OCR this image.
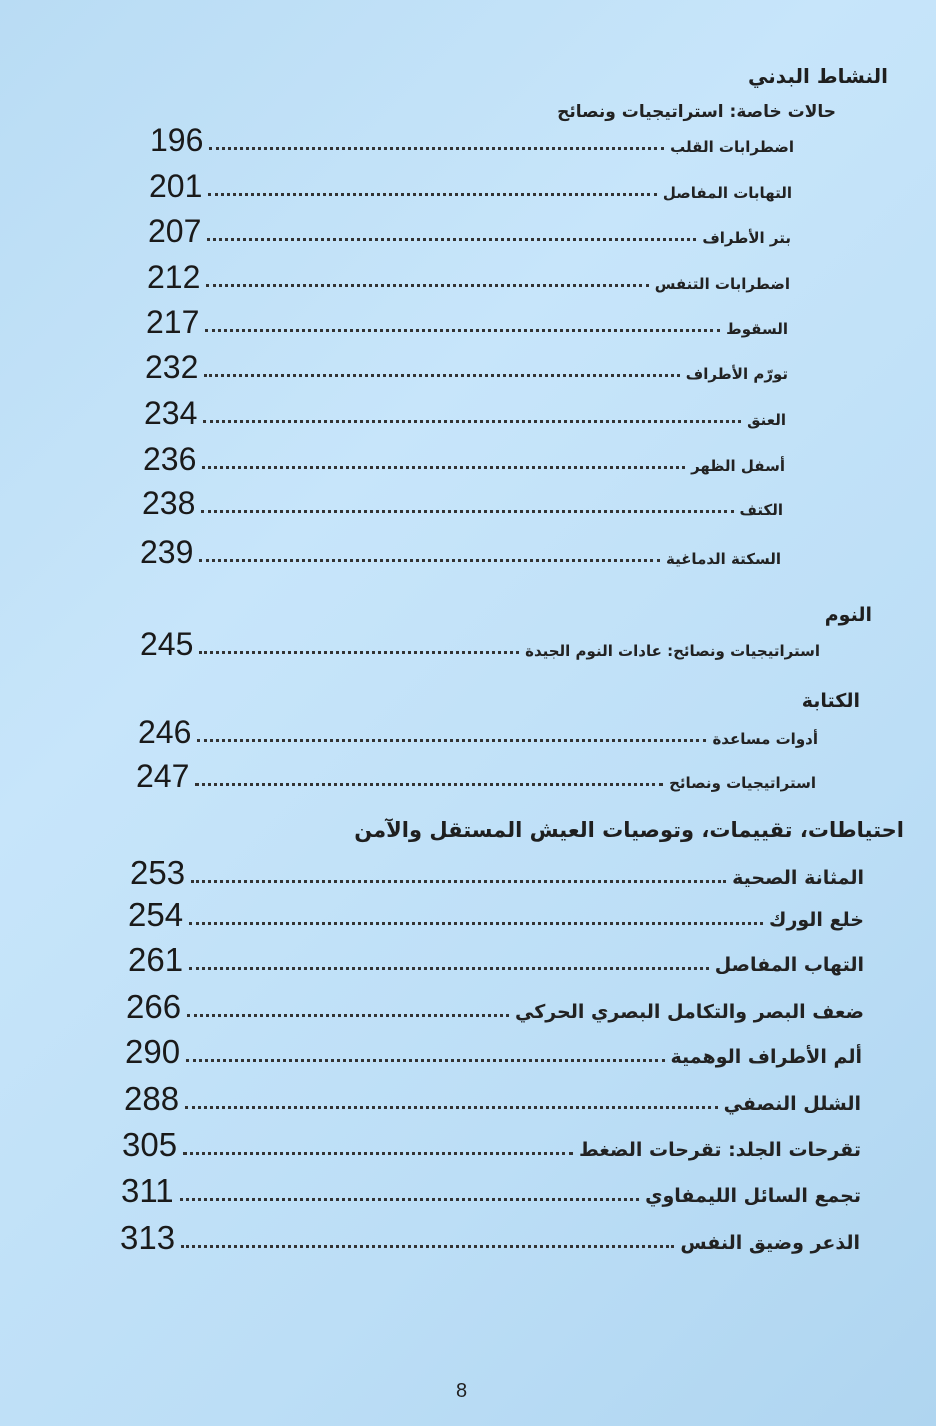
النشاط البدني
حالات خاصة: استراتيجيات ونصائح
اضطرابات القلب
196
التهابات المفاصل
201
بتر الأطراف
207
اضطرابات التنفس
212
السقوط
217
تورّم الأطراف
232
العنق
234
أسفل الظهر
236
الكتف
238
السكتة الدماغية
239
النوم
استراتيجيات ونصائح: عادات النوم الجيدة
245
الكتابة
أدوات مساعدة
246
استراتيجيات ونصائح
247
احتياطات، تقييمات، وتوصيات العيش المستقل والآمن
المثانة الصحية
253
خلع الورك
254
التهاب المفاصل
261
ضعف البصر والتكامل البصري الحركي
266
ألم الأطراف الوهمية
290
الشلل النصفي
288
تقرحات الجلد: تقرحات الضغط
305
تجمع السائل الليمفاوي
311
الذعر وضيق النفس
313
8
